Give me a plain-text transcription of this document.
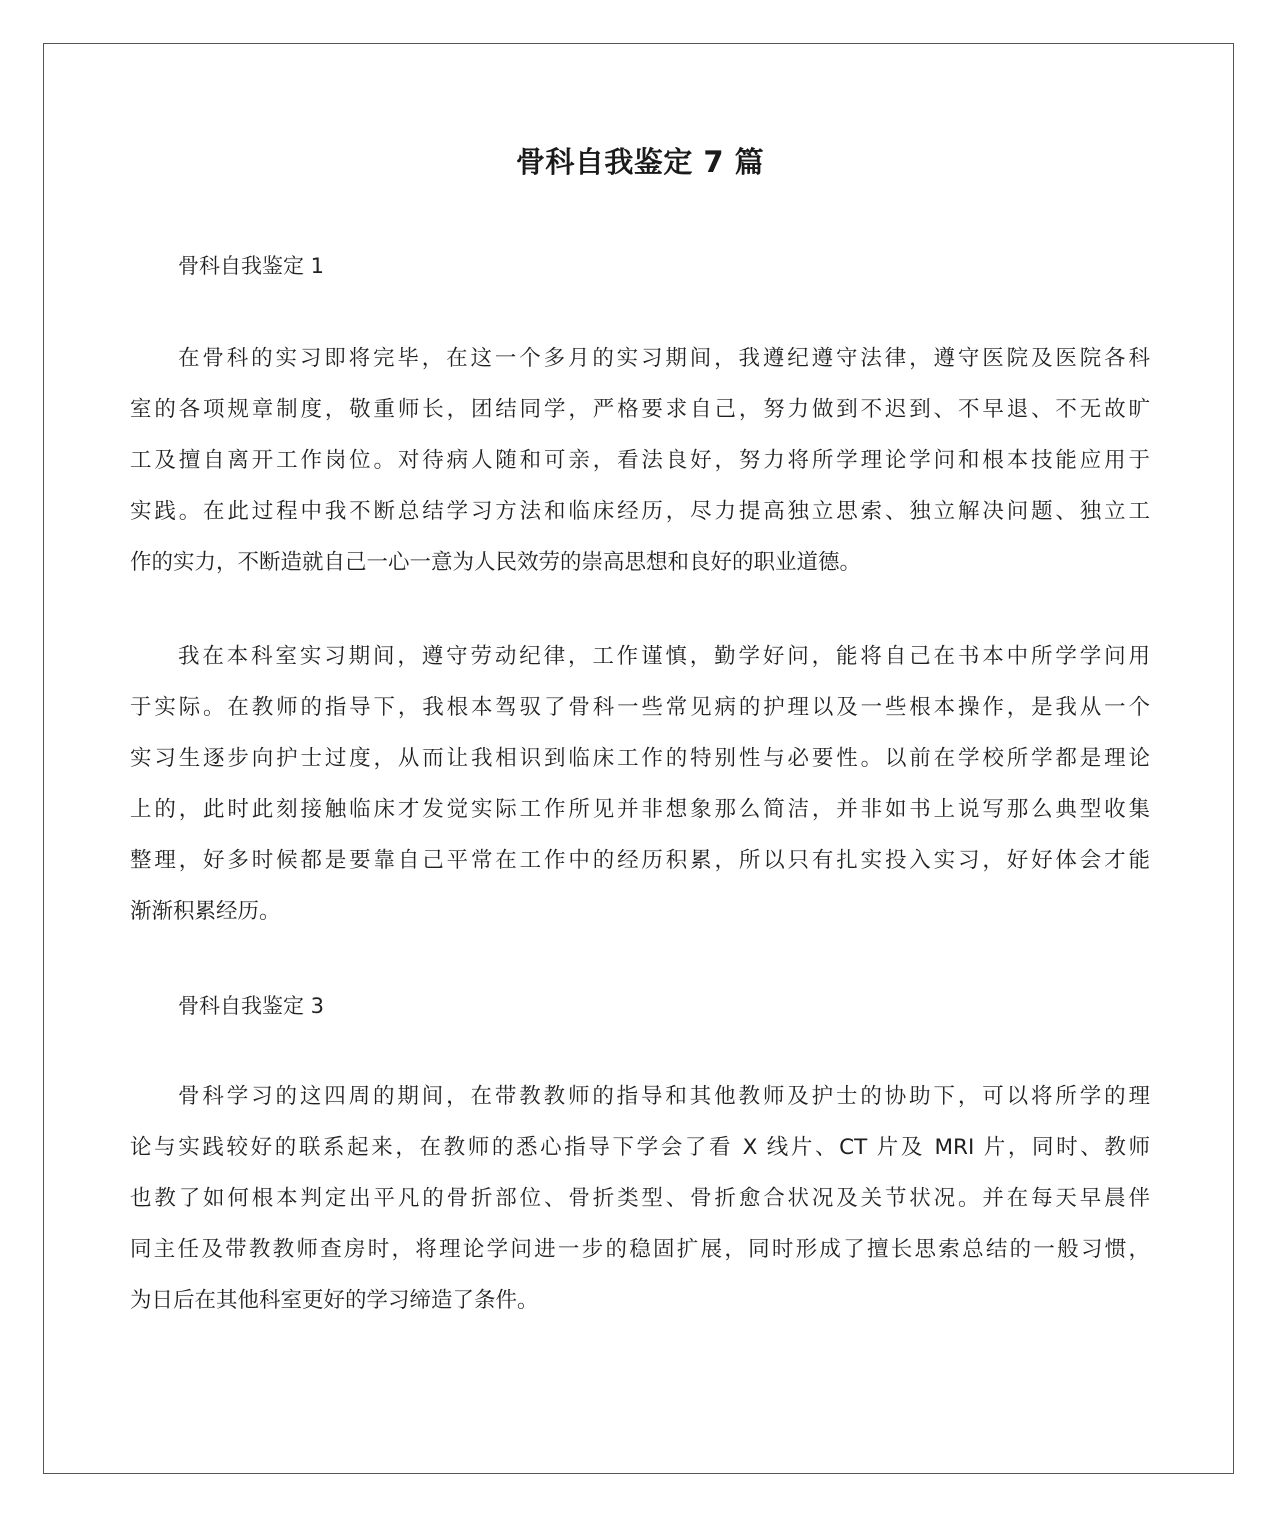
骨科自我鉴定 7 篇
骨科自我鉴定 1
在骨科的实习即将完毕，在这一个多月的实习期间，我遵纪遵守法律，遵守医院及医院各科
室的各项规章制度，敬重师长，团结同学，严格要求自己，努力做到不迟到、不早退、不无故旷
工及擅自离开工作岗位。对待病人随和可亲，看法良好，努力将所学理论学问和根本技能应用于
实践。在此过程中我不断总结学习方法和临床经历，尽力提高独立思索、独立解决问题、独立工
作的实力，不断造就自己一心一意为人民效劳的崇高思想和良好的职业道德。
我在本科室实习期间，遵守劳动纪律，工作谨慎，勤学好问，能将自己在书本中所学学问用
于实际。在教师的指导下，我根本驾驭了骨科一些常见病的护理以及一些根本操作，是我从一个
实习生逐步向护士过度，从而让我相识到临床工作的特别性与必要性。以前在学校所学都是理论
上的，此时此刻接触临床才发觉实际工作所见并非想象那么简洁，并非如书上说写那么典型收集
整理，好多时候都是要靠自己平常在工作中的经历积累，所以只有扎实投入实习，好好体会才能
渐渐积累经历。
骨科自我鉴定 3
骨科学习的这四周的期间，在带教教师的指导和其他教师及护士的协助下，可以将所学的理
论与实践较好的联系起来，在教师的悉心指导下学会了看 X 线片、CT 片及 MRI 片，同时、教师
也教了如何根本判定出平凡的骨折部位、骨折类型、骨折愈合状况及关节状况。并在每天早晨伴
同主任及带教教师查房时，将理论学问进一步的稳固扩展，同时形成了擅长思索总结的一般习惯，
为日后在其他科室更好的学习缔造了条件。
